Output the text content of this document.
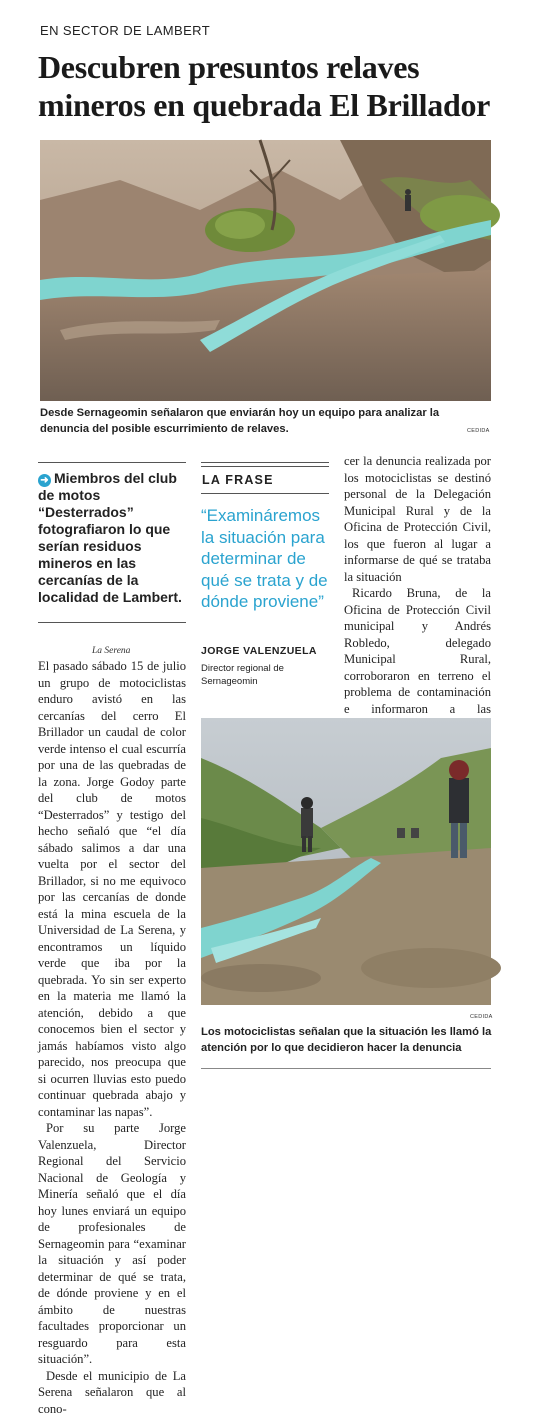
EN SECTOR DE LAMBERT
Descubren presuntos relaves mineros en quebrada El Brillador
Desde Sernageomin señalaron que enviarán hoy un equipo para analizar la denuncia del posible escurrimiento de relaves.	CEDIDA
➜ Miembros del club de motos “Desterrados” fotografiaron lo que serían residuos mineros en las cercanías de la localidad de Lambert.
La Serena

El pasado sábado 15 de julio un grupo de motociclistas enduro avistó en las cercanías del cerro El Brillador un caudal de color verde intenso el cual escurría por una de las quebradas de la zona. Jorge Godoy parte del club de motos “Desterrados” y testigo del hecho señaló que “el día sábado salimos a dar una vuelta por el sector del Brillador, si no me equivoco por las cercanías de donde está la mina escuela de la Universidad de La Serena, y encontramos un líquido verde que iba por la quebrada. Yo sin ser experto en la materia me llamó la atención, debido a que conocemos bien el sector y jamás habíamos visto algo parecido, nos preocupa que si ocurren lluvias esto puedo continuar quebrada abajo y contaminar las napas”.

Por su parte Jorge Valenzuela, Director Regional del Servicio Nacional de Geología y Minería señaló que el día hoy lunes enviará un equipo de profesionales de Sernageomin para “examinar la situación y así poder determinar de qué se trata, de dónde proviene y en el ámbito de nuestras facultades proporcionar un resguardo para esta situación”.

Desde el municipio de La Serena señalaron que al cono-

LA FRASE
“Examináremos la situación para determinar de qué se trata y de dónde proviene”
JORGE VALENZUELA
Director regional de Sernageomin

cer la denuncia realizada por los motociclistas se destinó personal de la Delegación Municipal Rural y de la Oficina de Protección Civil, los que fueron al lugar a informarse de qué se trataba la situación

Ricardo Bruna, de la Oficina de Protección Civil municipal y Andrés Robledo, delegado Municipal Rural, corroboraron en terreno el problema de contaminación e informaron a las

CEDIDA
Los motociclistas señalan que la situación les llamó la atención por lo que decidieron hacer la denuncia
